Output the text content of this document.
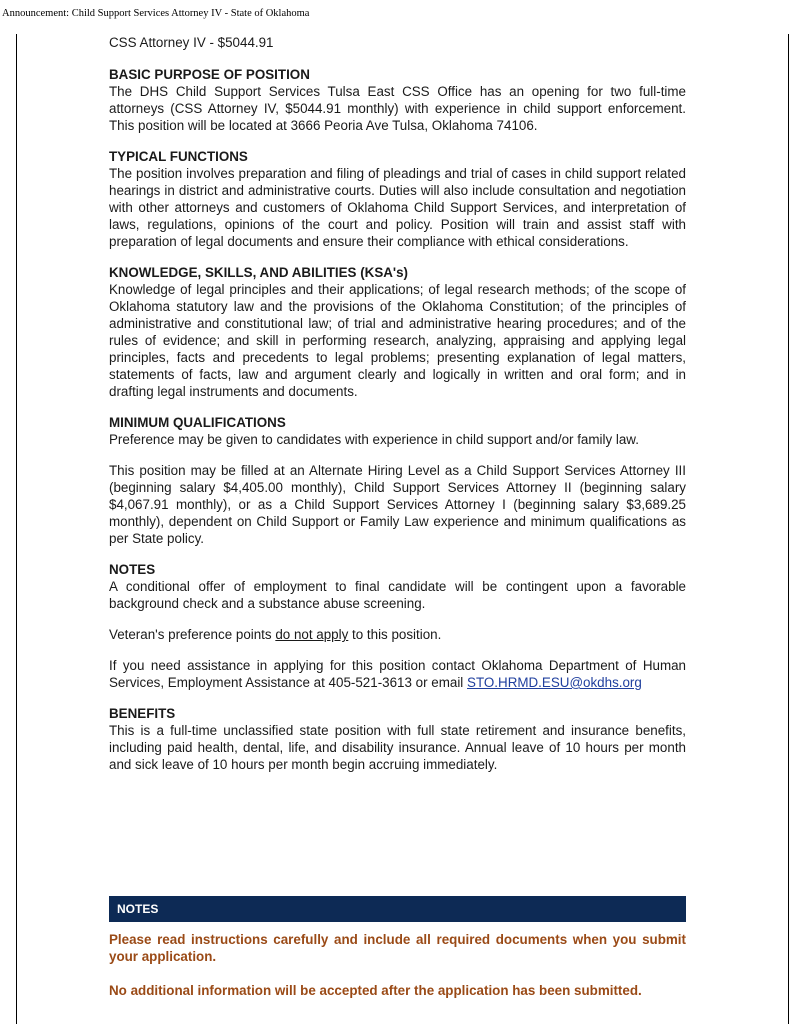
Announcement: Child Support Services Attorney IV - State of Oklahoma

CSS Attorney IV - $5044.91

BASIC PURPOSE OF POSITION

The DHS Child Support Services Tulsa East CSS Office has an opening for two full-time attorneys (CSS Attorney IV, $5044.91 monthly) with experience in child support enforcement. This position will be located at 3666 Peoria Ave Tulsa, Oklahoma 74106.

TYPICAL FUNCTIONS

The position involves preparation and filing of pleadings and trial of cases in child support related hearings in district and administrative courts. Duties will also include consultation and negotiation with other attorneys and customers of Oklahoma Child Support Services, and interpretation of laws, regulations, opinions of the court and policy. Position will train and assist staff with preparation of legal documents and ensure their compliance with ethical considerations.

KNOWLEDGE, SKILLS, AND ABILITIES (KSA's)

Knowledge of legal principles and their applications; of legal research methods; of the scope of Oklahoma statutory law and the provisions of the Oklahoma Constitution; of the principles of administrative and constitutional law; of trial and administrative hearing procedures; and of the rules of evidence; and skill in performing research, analyzing, appraising and applying legal principles, facts and precedents to legal problems; presenting explanation of legal matters, statements of facts, law and argument clearly and logically in written and oral form; and in drafting legal instruments and documents.

MINIMUM QUALIFICATIONS

Preference may be given to candidates with experience in child support and/or family law.

This position may be filled at an Alternate Hiring Level as a Child Support Services Attorney III (beginning salary $4,405.00 monthly), Child Support Services Attorney II (beginning salary $4,067.91 monthly), or as a Child Support Services Attorney I (beginning salary $3,689.25 monthly), dependent on Child Support or Family Law experience and minimum qualifications as per State policy.

NOTES

A conditional offer of employment to final candidate will be contingent upon a favorable background check and a substance abuse screening.

Veteran's preference points do not apply to this position.

If you need assistance in applying for this position contact Oklahoma Department of Human Services, Employment Assistance at 405-521-3613 or email STO.HRMD.ESU@okdhs.org

BENEFITS

This is a full-time unclassified state position with full state retirement and insurance benefits, including paid health, dental, life, and disability insurance. Annual leave of 10 hours per month and sick leave of 10 hours per month begin accruing immediately.

NOTES

Please read instructions carefully and include all required documents when you submit your application.

No additional information will be accepted after the application has been submitted.
